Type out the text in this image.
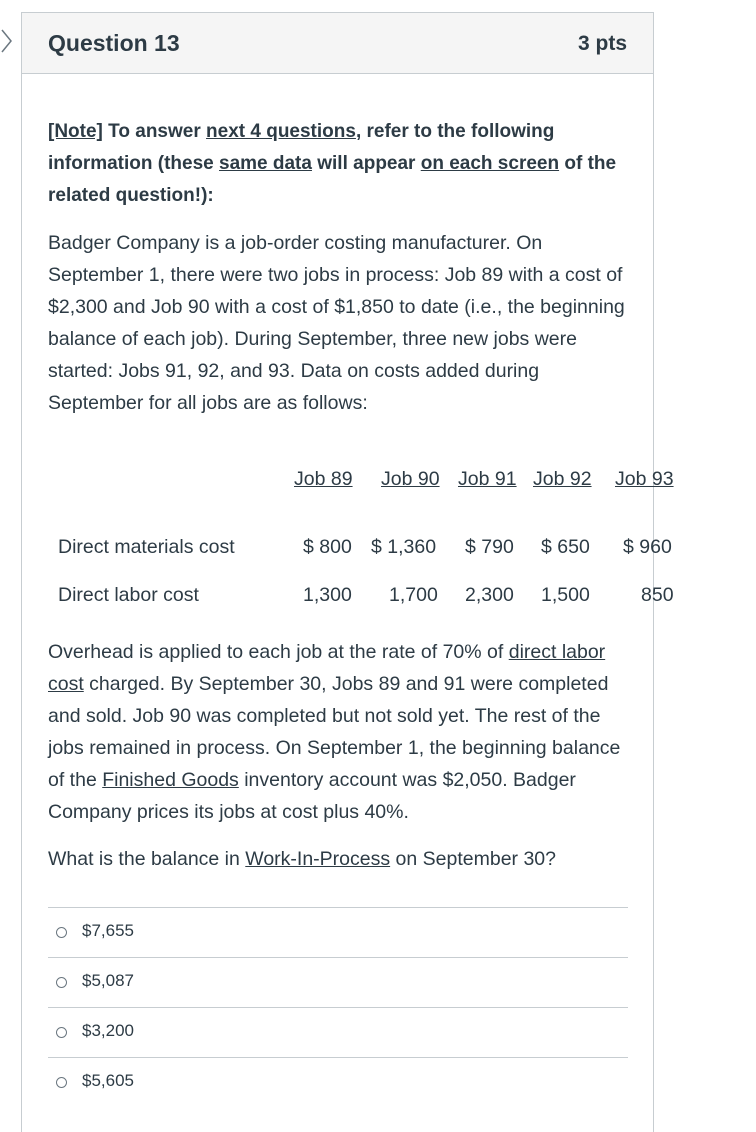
Question 13	3 pts
[Note] To answer next 4 questions, refer to the following information (these same data will appear on each screen of the related question!):
Badger Company is a job-order costing manufacturer. On September 1, there were two jobs in process: Job 89 with a cost of $2,300 and Job 90 with a cost of $1,850 to date (i.e., the beginning balance of each job). During September, three new jobs were started: Jobs 91, 92, and 93. Data on costs added during September for all jobs are as follows:
Job 89 Job 90 Job 91 Job 92 Job 93
Direct materials cost	$ 800 $ 1,360 $ 790 $ 650 $ 960
Direct labor cost	1,300 1,700 2,300 1,500	850
Overhead is applied to each job at the rate of 70% of direct labor cost charged. By September 30, Jobs 89 and 91 were completed and sold. Job 90 was completed but not sold yet. The rest of the jobs remained in process. On September 1, the beginning balance of the Finished Goods inventory account was $2,050. Badger Company prices its jobs at cost plus 40%.
What is the balance in Work-In-Process on September 30?
$7,655
$5,087
$3,200
$5,605
